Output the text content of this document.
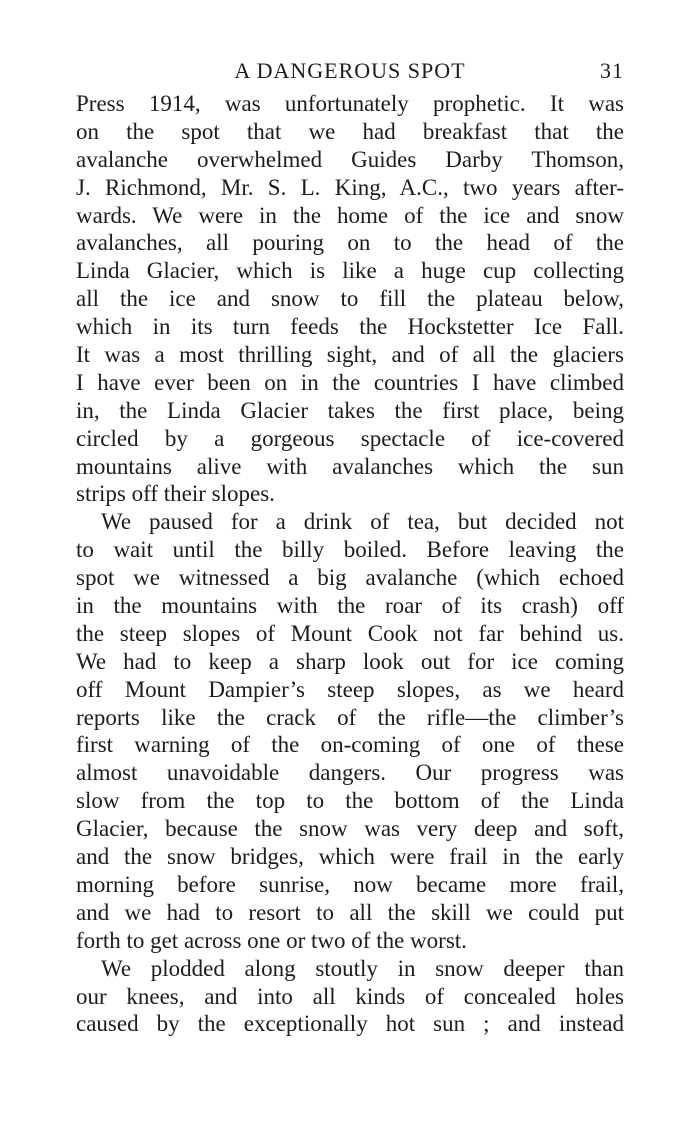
A DANGEROUS SPOT	31
Press 1914, was unfortunately prophetic. It was
on the spot that we had breakfast that the
avalanche overwhelmed Guides Darby Thomson,
J. Richmond, Mr. S. L. King, A.C., two years after-
wards. We were in the home of the ice and snow
avalanches, all pouring on to the head of the
Linda Glacier, which is like a huge cup collecting
all the ice and snow to fill the plateau below,
which in its turn feeds the Hockstetter Ice Fall.
It was a most thrilling sight, and of all the glaciers
I have ever been on in the countries I have climbed
in, the Linda Glacier takes the first place, being
circled by a gorgeous spectacle of ice-covered
mountains alive with avalanches which the sun
strips off their slopes.
We paused for a drink of tea, but decided not
to wait until the billy boiled. Before leaving the
spot we witnessed a big avalanche (which echoed
in the mountains with the roar of its crash) off
the steep slopes of Mount Cook not far behind us.
We had to keep a sharp look out for ice coming
off Mount Dampier’s steep slopes, as we heard
reports like the crack of the rifle—the climber’s
first warning of the on-coming of one of these
almost unavoidable dangers. Our progress was
slow from the top to the bottom of the Linda
Glacier, because the snow was very deep and soft,
and the snow bridges, which were frail in the early
morning before sunrise, now became more frail,
and we had to resort to all the skill we could put
forth to get across one or two of the worst.
We plodded along stoutly in snow deeper than
our knees, and into all kinds of concealed holes
caused by the exceptionally hot sun ; and instead
